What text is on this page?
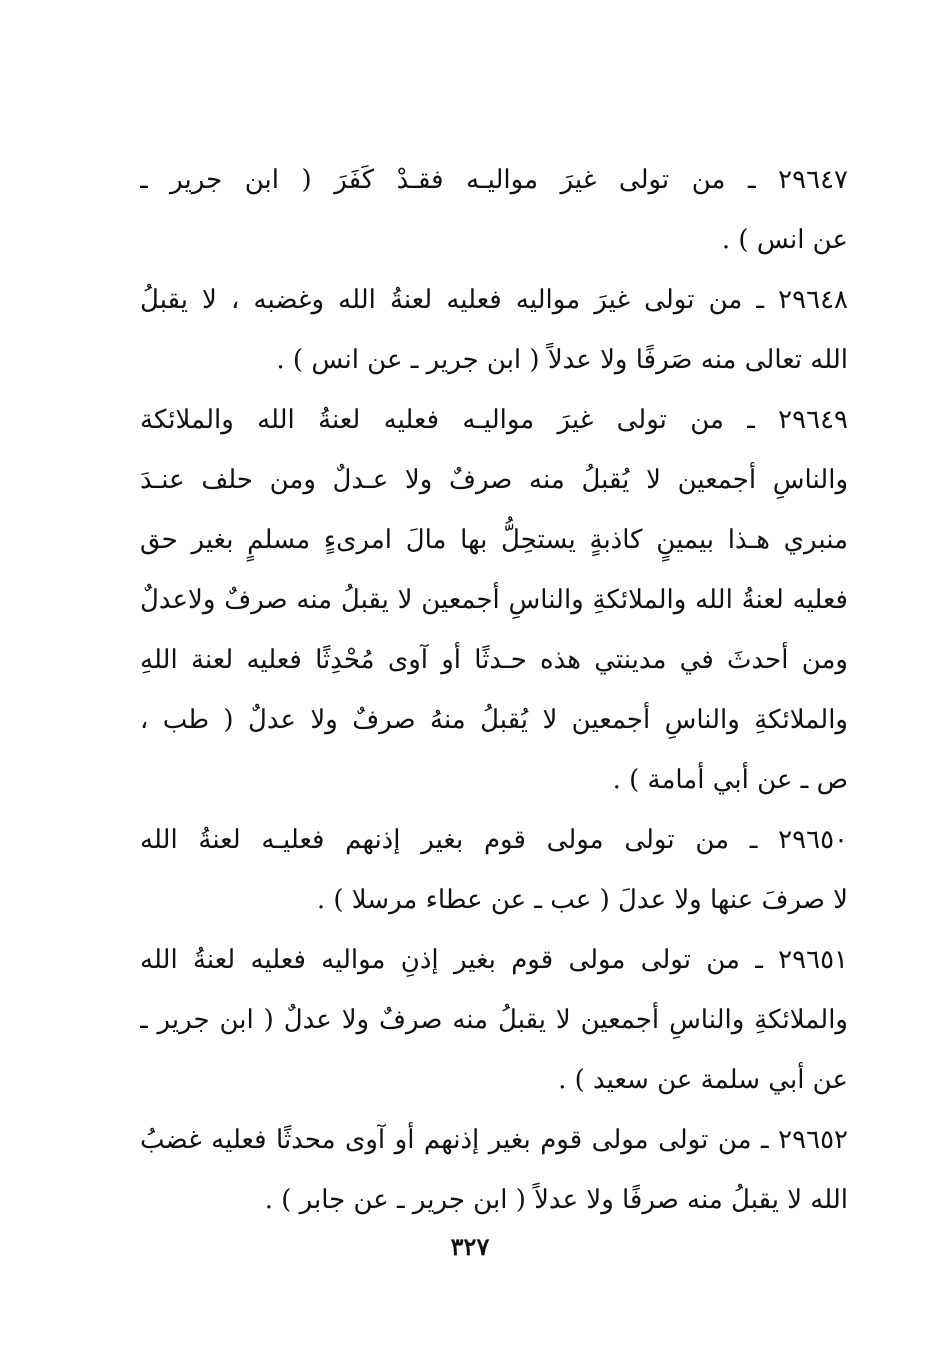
٢٩٦٤٧ ـ من تولى غيرَ مواليـه فقـدْ كَفَرَ ( ابن جرير ـ
عن انس ) .
٢٩٦٤٨ ـ من تولى غيرَ مواليه فعليه لعنةُ الله وغضبه ، لا يقبلُ
الله تعالى منه صَرفًا ولا عدلاً ( ابن جرير ـ عن انس ) .
٢٩٦٤٩ ـ من تولى غيرَ مواليـه فعليه لعنةُ الله والملائكة
والناسِ أجمعين لا يُقبلُ منه صرفٌ ولا عـدلٌ ومن حلف عنـدَ
منبري هـذا بيمينٍ كاذبةٍ يستحِلُّ بها مالَ امرىءٍ مسلمٍ بغير حق
فعليه لعنةُ الله والملائكةِ والناسِ أجمعين لا يقبلُ منه صرفٌ ولاعدلٌ
ومن أحدثَ في مدينتي هذه حـدثًا أو آوى مُحْدِثًا فعليه لعنة اللهِ
والملائكةِ والناسِ أجمعين لا يُقبلُ منهُ صرفٌ ولا عدلٌ ( طب ،
ص ـ عن أبي أمامة ) .
٢٩٦٥٠ ـ من تولى مولى قوم بغير إذنهم فعليـه لعنةُ الله
لا صرفَ عنها ولا عدلَ ( عب ـ عن عطاء مرسلا ) .
٢٩٦٥١ ـ من تولى مولى قوم بغير إذنِ مواليه فعليه لعنةُ الله
والملائكةِ والناسِ أجمعين لا يقبلُ منه صرفٌ ولا عدلٌ ( ابن جرير ـ
عن أبي سلمة عن سعيد ) .
٢٩٦٥٢ ـ من تولى مولى قوم بغير إذنهم أو آوى محدثًا فعليه غضبُ
الله لا يقبلُ منه صرفًا ولا عدلاً ( ابن جرير ـ عن جابر ) .
٣٢٧
